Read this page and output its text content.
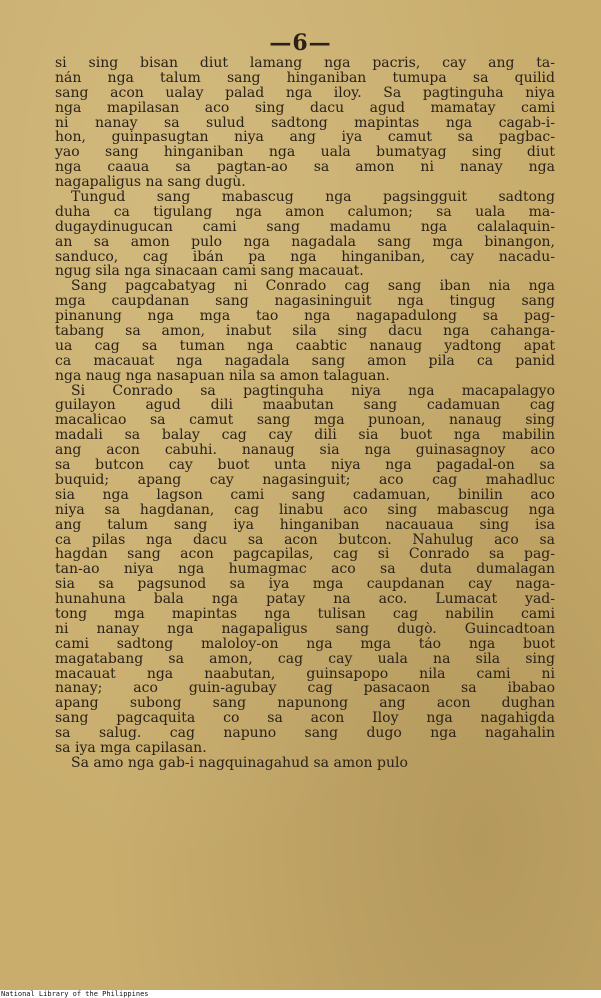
—6—
si sing bisan diut lamang nga pacris, cay ang ta-
nán nga talum sang hinganiban tumupa sa quilid
sang acon ualay palad nga iloy. Sa pagtinguha niya
nga mapilasan aco sing dacu agud mamatay cami
ni nanay sa sulud sadtong mapintas nga cagab-i-
hon, guinpasugtan niya ang iya camut sa pagbac-
yao sang hinganiban nga uala bumatyag sing diut
nga caaua sa pagtan-ao sa amon ni nanay nga
nagapaligus na sang dugù.
Tungud sang mabascug nga pagsingguit sadtong
duha ca tigulang nga amon calumon; sa uala ma-
dugaydinugucan cami sang madamu nga calalaquin-
an sa amon pulo nga nagadala sang mga binangon,
sanduco, cag ibán pa nga hinganiban, cay nacadu-
ngug sila nga sinacaan cami sang macauat.
Sang pagcabatyag ni Conrado cag sang iban nia nga
mga caupdanan sang nagasininguit nga tingug sang
pinanung nga mga tao nga nagapadulong sa pag-
tabang sa amon, inabut sila sing dacu nga cahanga-
ua cag sa tuman nga caabtic nanaug yadtong apat
ca macauat nga nagadala sang amon pila ca panid
nga naug nga nasapuan nila sa amon talaguan.
Si Conrado sa pagtinguha niya nga macapalagyo
guilayon agud dili maabutan sang cadamuan cag
macalicao sa camut sang mga punoan, nanaug sing
madali sa balay cag cay dili sia buot nga mabilin
ang acon cabuhi. nanaug sia nga guinasagnoy aco
sa butcon cay buot unta niya nga pagadal-on sa
buquid; apang cay nagasinguit; aco cag mahadluc
sia nga lagson cami sang cadamuan, binilin aco
niya sa hagdanan, cag linabu aco sing mabascug nga
ang talum sang iya hinganiban nacauaua sing isa
ca pilas nga dacu sa acon butcon. Nahulug aco sa
hagdan sang acon pagcapilas, cag si Conrado sa pag-
tan-ao niya nga humagmac aco sa duta dumalagan
sia sa pagsunod sa iya mga caupdanan cay naga-
hunahuna bala nga patay na aco. Lumacat yad-
tong mga mapintas nga tulisan cag nabilin cami
ni nanay nga nagapaligus sang dugò. Guincadtoan
cami sadtong maloloy-on nga mga táo nga buot
magatabang sa amon, cag cay uala na sila sing
macauat nga naabutan, guinsapopo nila cami ni
nanay; aco guin-agubay cag pasacaon sa ibabao
apang subong sang napunong ang acon dughan
sang pagcaquita co sa acon Iloy nga nagahigda
sa salug. cag napuno sang dugo nga nagahalin
sa iya mga capilasan.
Sa amo nga gab-i nagquinagahud sa amon pulo
National Library of the Philippines
